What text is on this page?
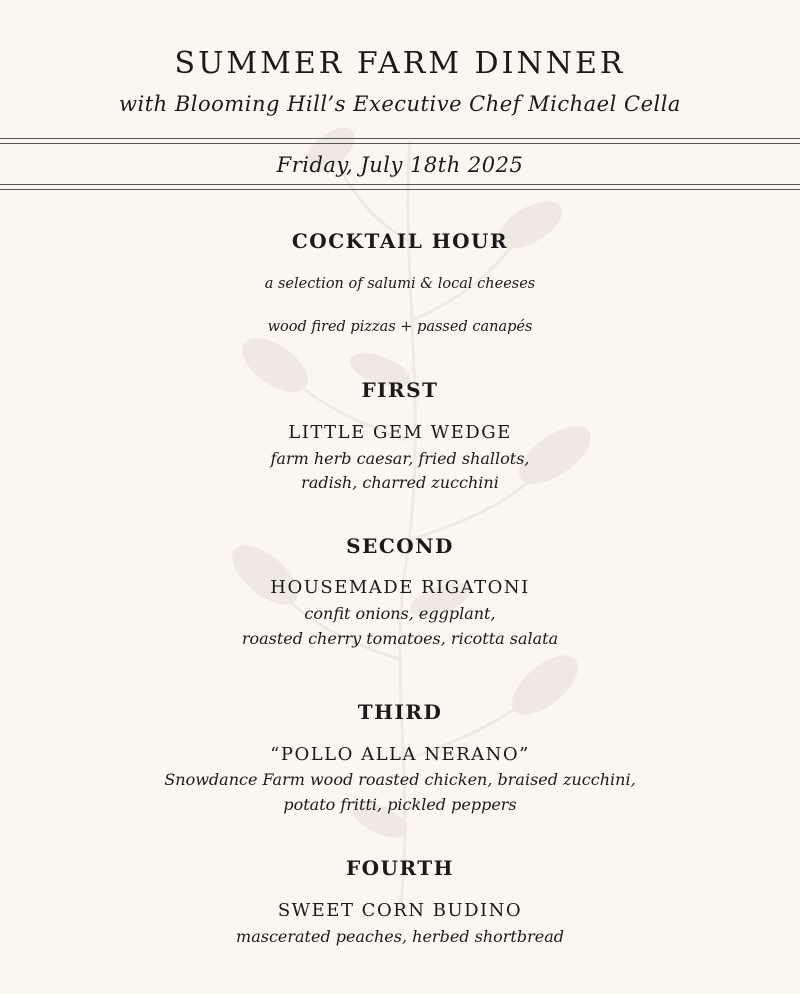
SUMMER FARM DINNER
with Blooming Hill’s Executive Chef Michael Cella
Friday, July 18th 2025
COCKTAIL HOUR
a selection of salumi & local cheeses
wood fired pizzas + passed canapés
FIRST
LITTLE GEM WEDGE
farm herb caesar, fried shallots,
radish, charred zucchini
SECOND
HOUSEMADE RIGATONI
confit onions, eggplant,
roasted cherry tomatoes, ricotta salata
THIRD
“POLLO ALLA NERANO”
Snowdance Farm wood roasted chicken, braised zucchini,
potato fritti, pickled peppers
FOURTH
SWEET CORN BUDINO
mascerated peaches, herbed shortbread
